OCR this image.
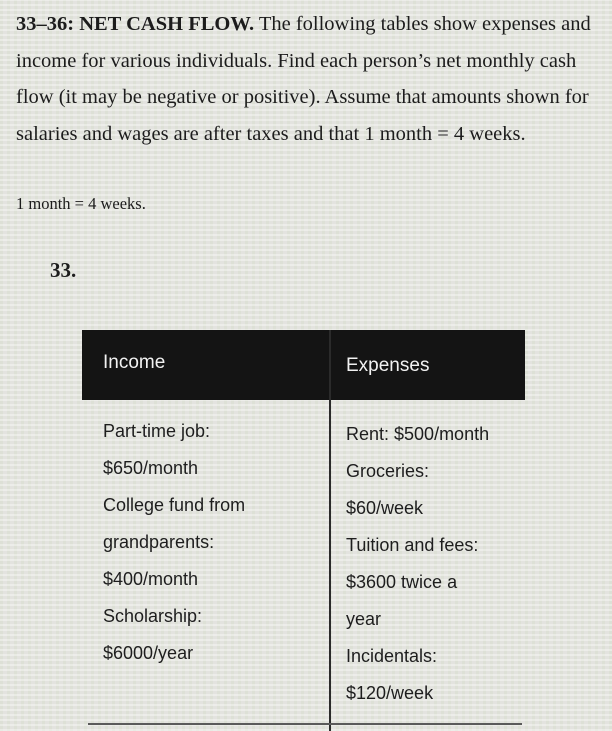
33–36: NET CASH FLOW. The following tables show expenses and income for various individuals. Find each person’s net monthly cash flow (it may be negative or positive). Assume that amounts shown for salaries and wages are after taxes and that 1 month = 4 weeks.

1 month = 4 weeks.
33.
Income	Expenses
Part-time job:
$650/month
College fund from
grandparents:
$400/month
Scholarship:
$6000/year
Rent: $500/month
Groceries:
$60/week
Tuition and fees:
$3600 twice a
year
Incidentals:
$120/week
